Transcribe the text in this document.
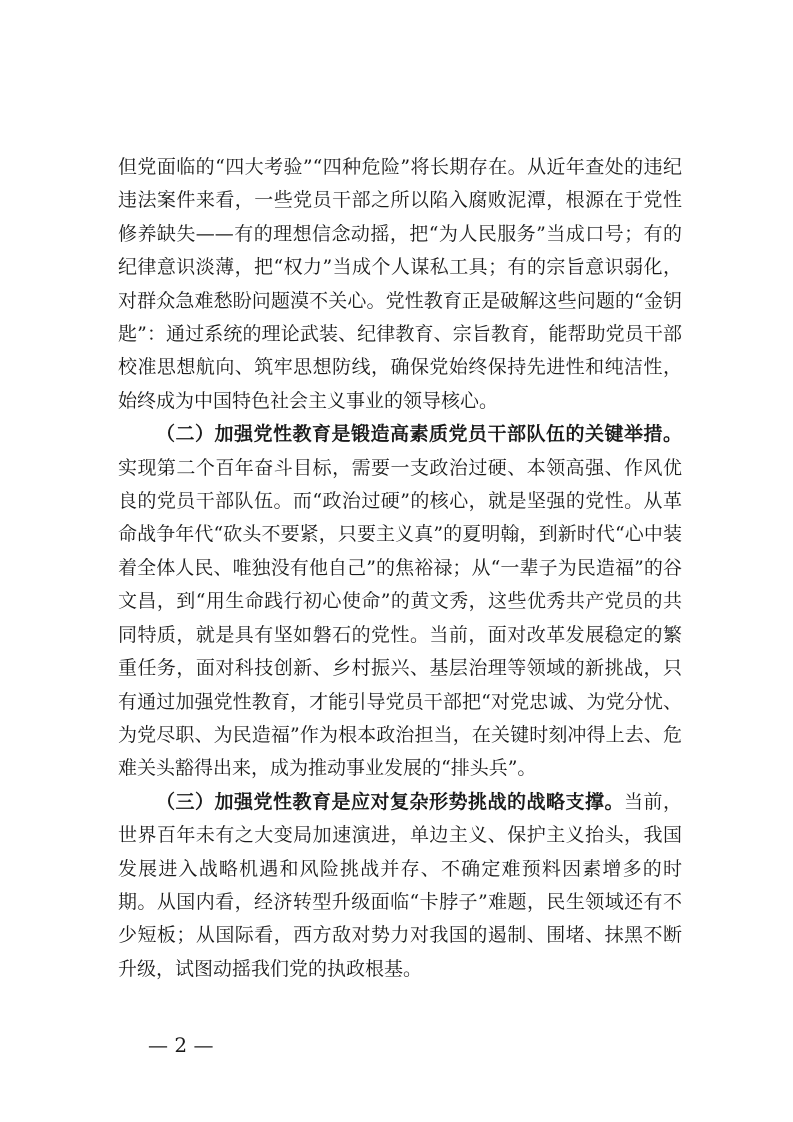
但党面临的“四大考验”“四种危险”将长期存在。从近年查处的违纪违法案件来看，一些党员干部之所以陷入腐败泥潭，根源在于党性修养缺失——有的理想信念动摇，把“为人民服务”当成口号；有的纪律意识淡薄，把“权力”当成个人谋私工具；有的宗旨意识弱化，对群众急难愁盼问题漠不关心。党性教育正是破解这些问题的“金钥匙”：通过系统的理论武装、纪律教育、宗旨教育，能帮助党员干部校准思想航向、筑牢思想防线，确保党始终保持先进性和纯洁性，始终成为中国特色社会主义事业的领导核心。

（二）加强党性教育是锻造高素质党员干部队伍的关键举措。实现第二个百年奋斗目标，需要一支政治过硬、本领高强、作风优良的党员干部队伍。而“政治过硬”的核心，就是坚强的党性。从革命战争年代“砍头不要紧，只要主义真”的夏明翰，到新时代“心中装着全体人民、唯独没有他自己”的焦裕禄；从“一辈子为民造福”的谷文昌，到“用生命践行初心使命”的黄文秀，这些优秀共产党员的共同特质，就是具有坚如磐石的党性。当前，面对改革发展稳定的繁重任务，面对科技创新、乡村振兴、基层治理等领域的新挑战，只有通过加强党性教育，才能引导党员干部把“对党忠诚、为党分忧、为党尽职、为民造福”作为根本政治担当，在关键时刻冲得上去、危难关头豁得出来，成为推动事业发展的“排头兵”。

（三）加强党性教育是应对复杂形势挑战的战略支撑。当前，世界百年未有之大变局加速演进，单边主义、保护主义抬头，我国发展进入战略机遇和风险挑战并存、不确定难预料因素增多的时期。从国内看，经济转型升级面临“卡脖子”难题，民生领域还有不少短板；从国际看，西方敌对势力对我国的遏制、围堵、抹黑不断升级，试图动摇我们党的执政根基。

— 2 —
